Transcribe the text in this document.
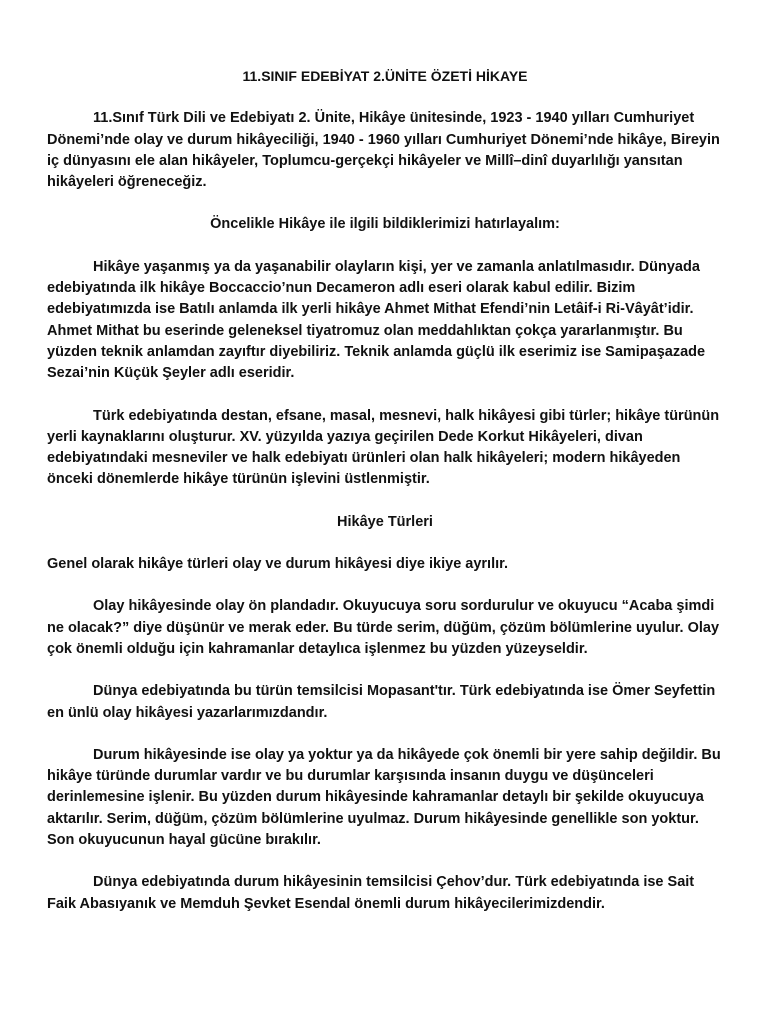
11.SINIF EDEBİYAT 2.ÜNİTE ÖZETİ HİKAYE

11.Sınıf Türk Dili ve Edebiyatı 2. Ünite, Hikâye ünitesinde, 1923 - 1940 yılları Cumhuriyet Dönemi’nde olay ve durum hikâyeciliği, 1940 - 1960 yılları Cumhuriyet Dönemi’nde hikâye, Bireyin iç dünyasını ele alan hikâyeler, Toplumcu-gerçekçi hikâyeler ve Millî–dinî duyarlılığı yansıtan hikâyeleri öğreneceğiz.

Öncelikle Hikâye ile ilgili bildiklerimizi hatırlayalım:

Hikâye yaşanmış ya da yaşanabilir olayların kişi, yer ve zamanla anlatılmasıdır. Dünyada edebiyatında ilk hikâye Boccaccio’nun Decameron adlı eseri olarak kabul edilir. Bizim edebiyatımızda ise Batılı anlamda ilk yerli hikâye Ahmet Mithat Efendi’nin Letâif-i Ri-Vâyât’idir. Ahmet Mithat bu eserinde geleneksel tiyatromuz olan meddahlıktan çokça yararlanmıştır. Bu yüzden teknik anlamdan zayıftır diyebiliriz. Teknik anlamda güçlü ilk eserimiz ise Samipaşazade Sezai’nin Küçük Şeyler adlı eseridir.

Türk edebiyatında destan, efsane, masal, mesnevi, halk hikâyesi gibi türler; hikâye türünün yerli kaynaklarını oluşturur. XV. yüzyılda yazıya geçirilen Dede Korkut Hikâyeleri, divan edebiyatındaki mesneviler ve halk edebiyatı ürünleri olan halk hikâyeleri; modern hikâyeden önceki dönemlerde hikâye türünün işlevini üstlenmiştir.

Hikâye Türleri

Genel olarak hikâye türleri olay ve durum hikâyesi diye ikiye ayrılır.

Olay hikâyesinde olay ön plandadır. Okuyucuya soru sordurulur ve okuyucu “Acaba şimdi ne olacak?” diye düşünür ve merak eder. Bu türde serim, düğüm, çözüm bölümlerine uyulur. Olay çok önemli olduğu için kahramanlar detaylıca işlenmez bu yüzden yüzeyseldir.

Dünya edebiyatında bu türün temsilcisi Mopasant'tır. Türk edebiyatında ise Ömer Seyfettin en ünlü olay hikâyesi yazarlarımızdandır.

Durum hikâyesinde ise olay ya yoktur ya da hikâyede çok önemli bir yere sahip değildir. Bu hikâye türünde durumlar vardır ve bu durumlar karşısında insanın duygu ve düşünceleri derinlemesine işlenir. Bu yüzden durum hikâyesinde kahramanlar detaylı bir şekilde okuyucuya aktarılır. Serim, düğüm, çözüm bölümlerine uyulmaz. Durum hikâyesinde genellikle son yoktur. Son okuyucunun hayal gücüne bırakılır.

Dünya edebiyatında durum hikâyesinin temsilcisi Çehov’dur. Türk edebiyatında ise Sait Faik Abasıyanık ve Memduh Şevket Esendal önemli durum hikâyecilerimizdendir.
